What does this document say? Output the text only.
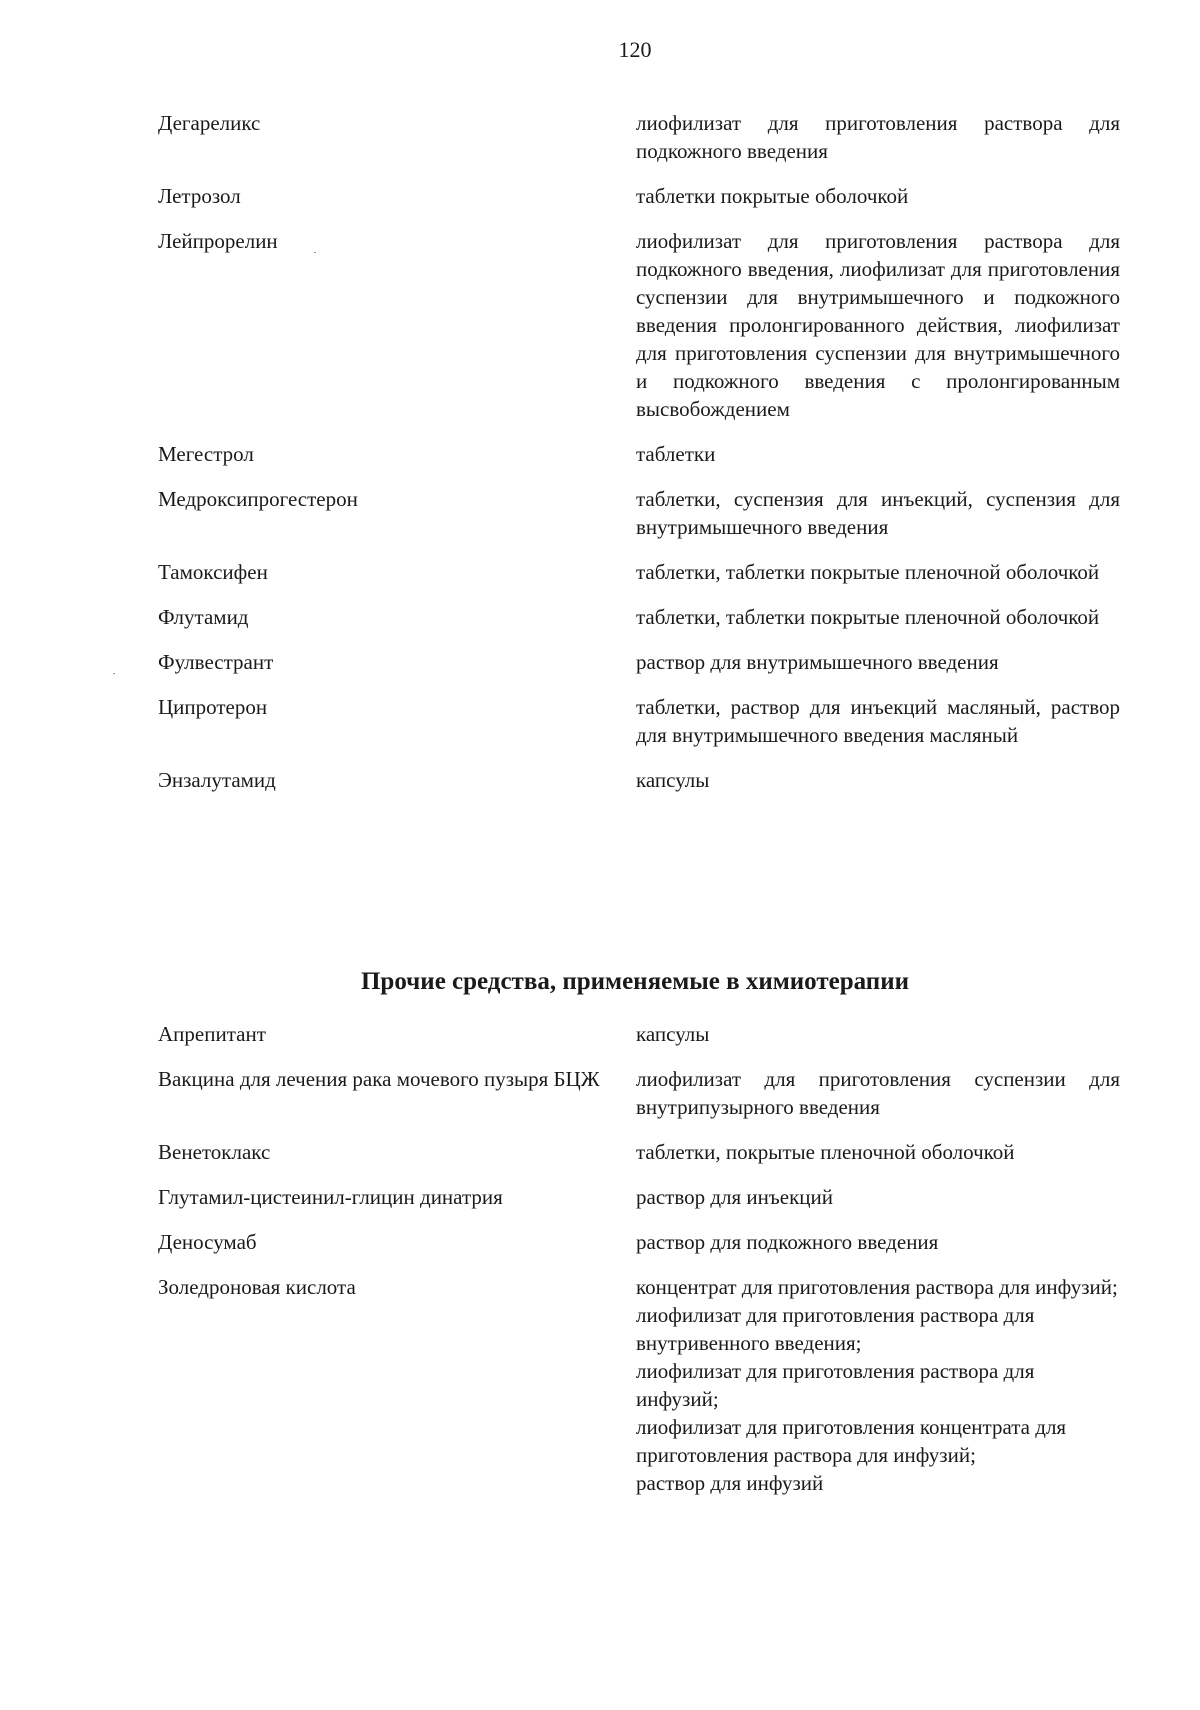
120
Дегареликс	лиофилизат для приготовления раствора для подкожного введения
Летрозол	таблетки покрытые оболочкой
Лейпрорелин	лиофилизат для приготовления раствора для подкожного введения, лиофилизат для приготовления суспензии для внутримышечного и подкожного введения пролонгированного действия, лиофилизат для приготовления суспензии для внутримышечного и подкожного введения с пролонгированным высвобождением
Мегестрол	таблетки
Медроксипрогестерон	таблетки, суспензия для инъекций, суспензия для внутримышечного введения
Тамоксифен	таблетки, таблетки покрытые пленочной оболочкой
Флутамид	таблетки, таблетки покрытые пленочной оболочкой
Фулвестрант	раствор для внутримышечного введения
Ципротерон	таблетки, раствор для инъекций масляный, раствор для внутримышечного введения масляный
Энзалутамид	капсулы
Прочие средства, применяемые в химиотерапии
Апрепитант	капсулы
Вакцина для лечения рака мочевого пузыря БЦЖ	лиофилизат для приготовления суспензии для внутрипузырного введения
Венетоклакс	таблетки, покрытые пленочной оболочкой
Глутамил-цистеинил-глицин динатрия	раствор для инъекций
Деносумаб	раствор для подкожного введения
Золедроновая кислота	концентрат для приготовления раствора для инфузий;
лиофилизат для приготовления раствора для внутривенного введения;
лиофилизат для приготовления раствора для инфузий;
лиофилизат для приготовления концентрата для приготовления раствора для инфузий;
раствор для инфузий
